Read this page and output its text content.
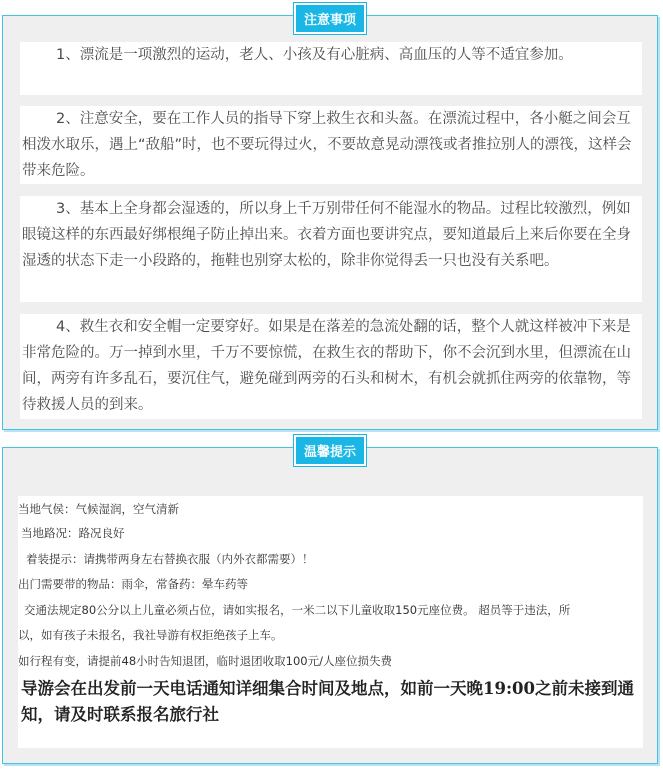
注意事项
1、漂流是一项激烈的运动，老人、小孩及有心脏病、高血压的人等不适宜参加。
2、注意安全，要在工作人员的指导下穿上救生衣和头盔。在漂流过程中，各小艇之间会互相泼水取乐，遇上“敌船”时，也不要玩得过火，不要故意晃动漂筏或者推拉别人的漂筏，这样会带来危险。
3、基本上全身都会湿透的，所以身上千万别带任何不能湿水的物品。过程比较激烈，例如眼镜这样的东西最好绑根绳子防止掉出来。衣着方面也要讲究点，要知道最后上来后你要在全身湿透的状态下走一小段路的，拖鞋也别穿太松的，除非你觉得丢一只也没有关系吧。
4、救生衣和安全帽一定要穿好。如果是在落差的急流处翻的话，整个人就这样被冲下来是非常危险的。万一掉到水里，千万不要惊慌，在救生衣的帮助下，你不会沉到水里，但漂流在山间，两旁有许多乱石，要沉住气，避免碰到两旁的石头和树木，有机会就抓住两旁的依靠物，等待救援人员的到来。
温馨提示
当地气侯：气候湿润，空气清新
当地路况：路况良好
着装提示：请携带两身左右替换衣服（内外衣都需要）！
出门需要带的物品：雨伞，常备药：晕车药等
交通法规定80公分以上儿童必须占位，请如实报名，一米二以下儿童收取150元座位费。 超员等于违法，所
以，如有孩子未报名，我社导游有权拒绝孩子上车。
如行程有变，请提前48小时告知退团，临时退团收取100元/人座位损失费
导游会在出发前一天电话通知详细集合时间及地点，如前一天晚19:00之前未接到通知，请及时联系报名旅行社
